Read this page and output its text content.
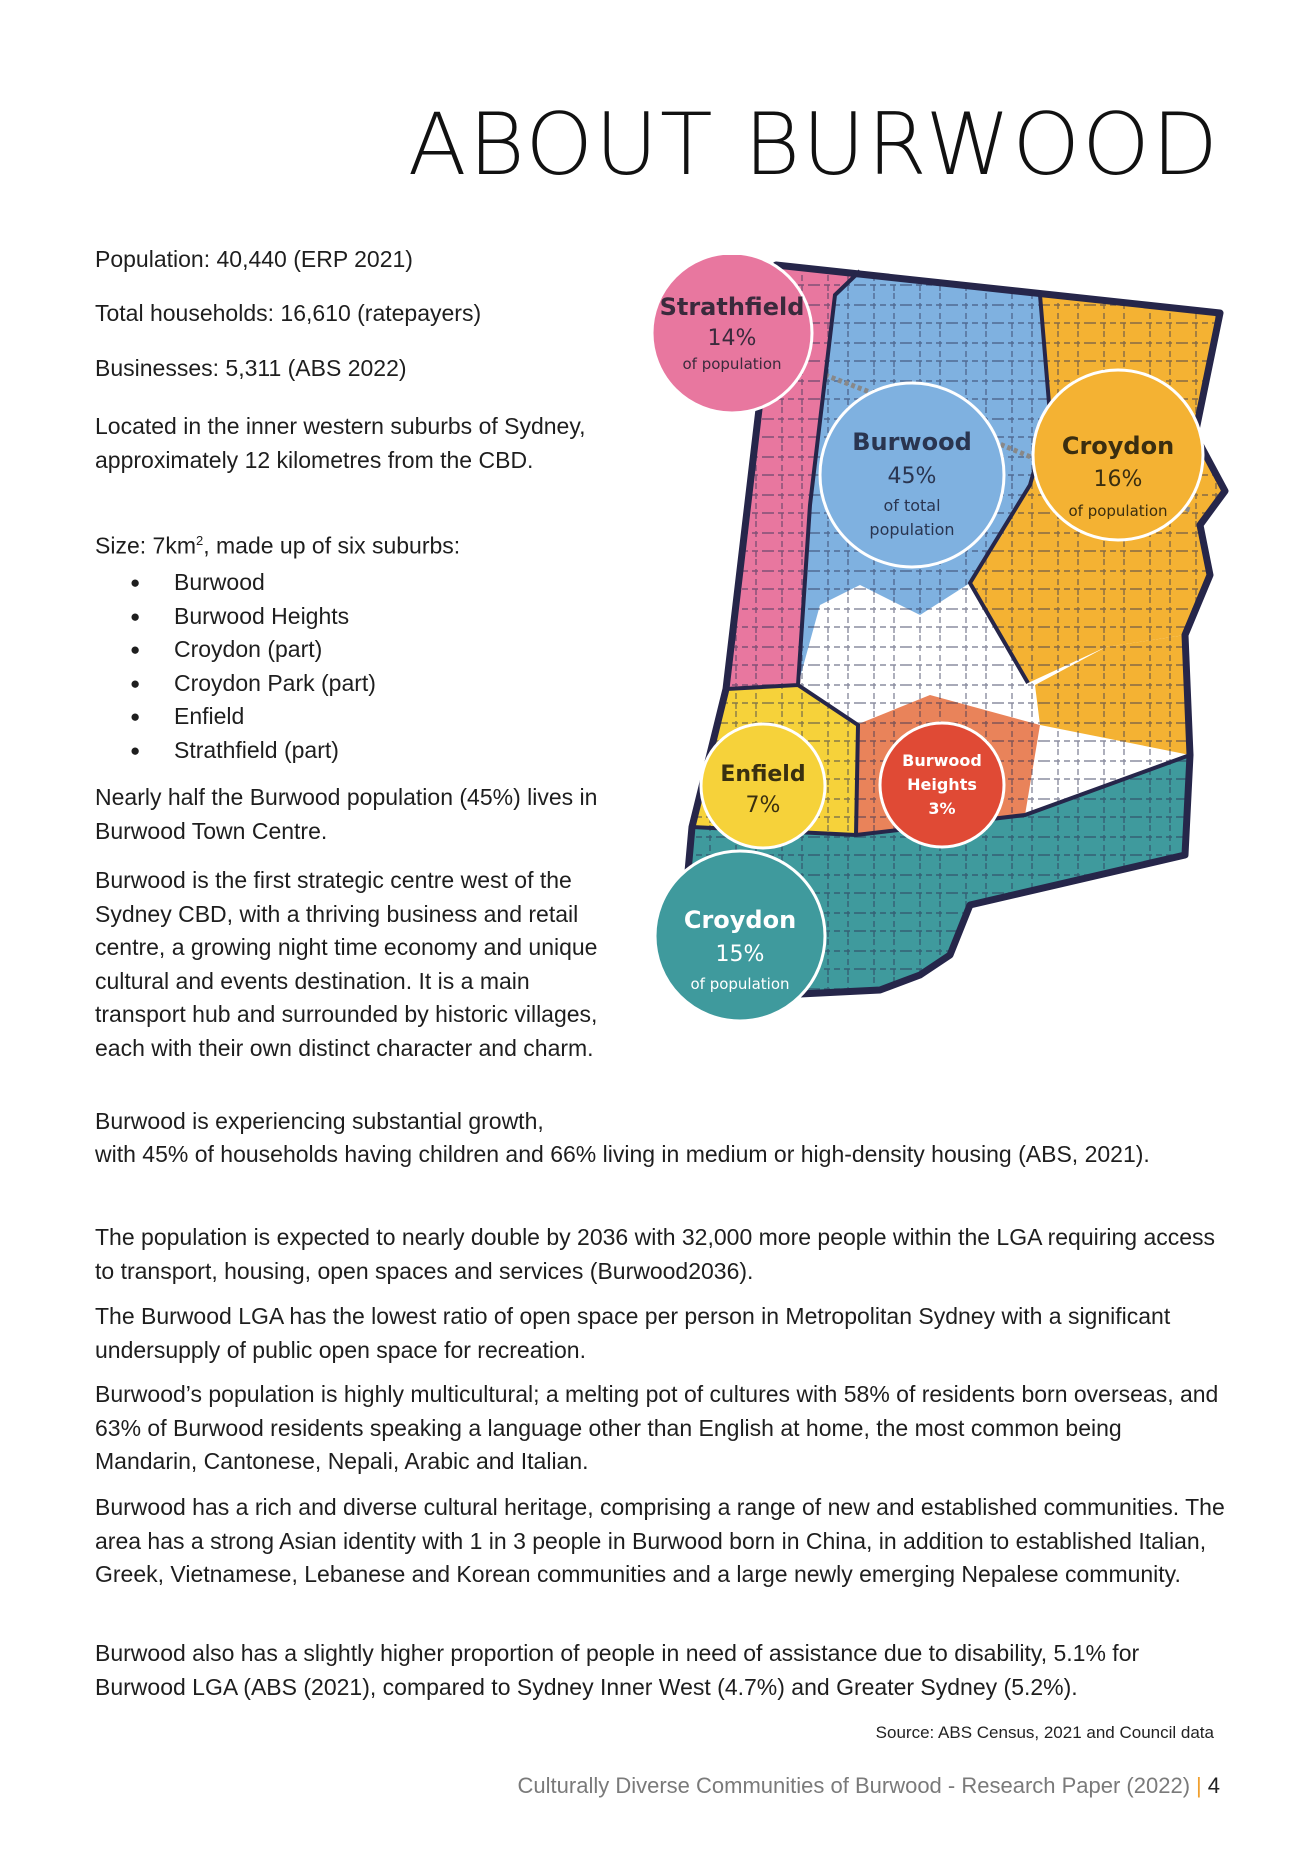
ABOUT BURWOOD

Population: 40,440 (ERP 2021)

Total households: 16,610 (ratepayers)

Businesses: 5,311 (ABS 2022)

Located in the inner western suburbs of Sydney, approximately 12 kilometres from the CBD.

Size: $7km^2$, made up of six suburbs:

● Burwood
● Burwood Heights
● Croydon (part)
● Croydon Park (part)
● Enfield
● Strathfield (part)

Nearly half the Burwood population (45%) lives in Burwood Town Centre.

Burwood is the first strategic centre west of the Sydney CBD, with a thriving business and retail centre, a growing night time economy and unique cultural and events destination. It is a main transport hub and surrounded by historic villages, each with their own distinct character and charm.

Burwood is experiencing substantial growth,

with 45% of households having children and 66% living in medium or high-density housing (ABS, 2021).

The population is expected to nearly double by 2036 with 32,000 more people within the LGA requiring access to transport, housing, open spaces and services (Burwood2036).

The Burwood LGA has the lowest ratio of open space per person in Metropolitan Sydney with a significant undersupply of public open space for recreation.

Burwood’s population is highly multicultural; a melting pot of cultures with 58% of residents born overseas, and 63% of Burwood residents speaking a language other than English at home, the most common being Mandarin, Cantonese, Nepali, Arabic and Italian.

Burwood has a rich and diverse cultural heritage, comprising a range of new and established communities. The area has a strong Asian identity with 1 in 3 people in Burwood born in China, in addition to established Italian, Greek, Vietnamese, Lebanese and Korean communities and a large newly emerging Nepalese community.

Burwood also has a slightly higher proportion of people in need of assistance due to disability, 5.1% for Burwood LGA (ABS (2021), compared to Sydney Inner West (4.7%) and Greater Sydney (5.2%).

Strathfield
14%
of population
Burwood
45%
of total
population
Croydon
16%
of population
Enfield
7%
Burwood
Heights
3%
Croydon
15%
of population

Source: ABS Census, 2021 and Council data

Culturally Diverse Communities of Burwood - Research Paper (2022) | 4
